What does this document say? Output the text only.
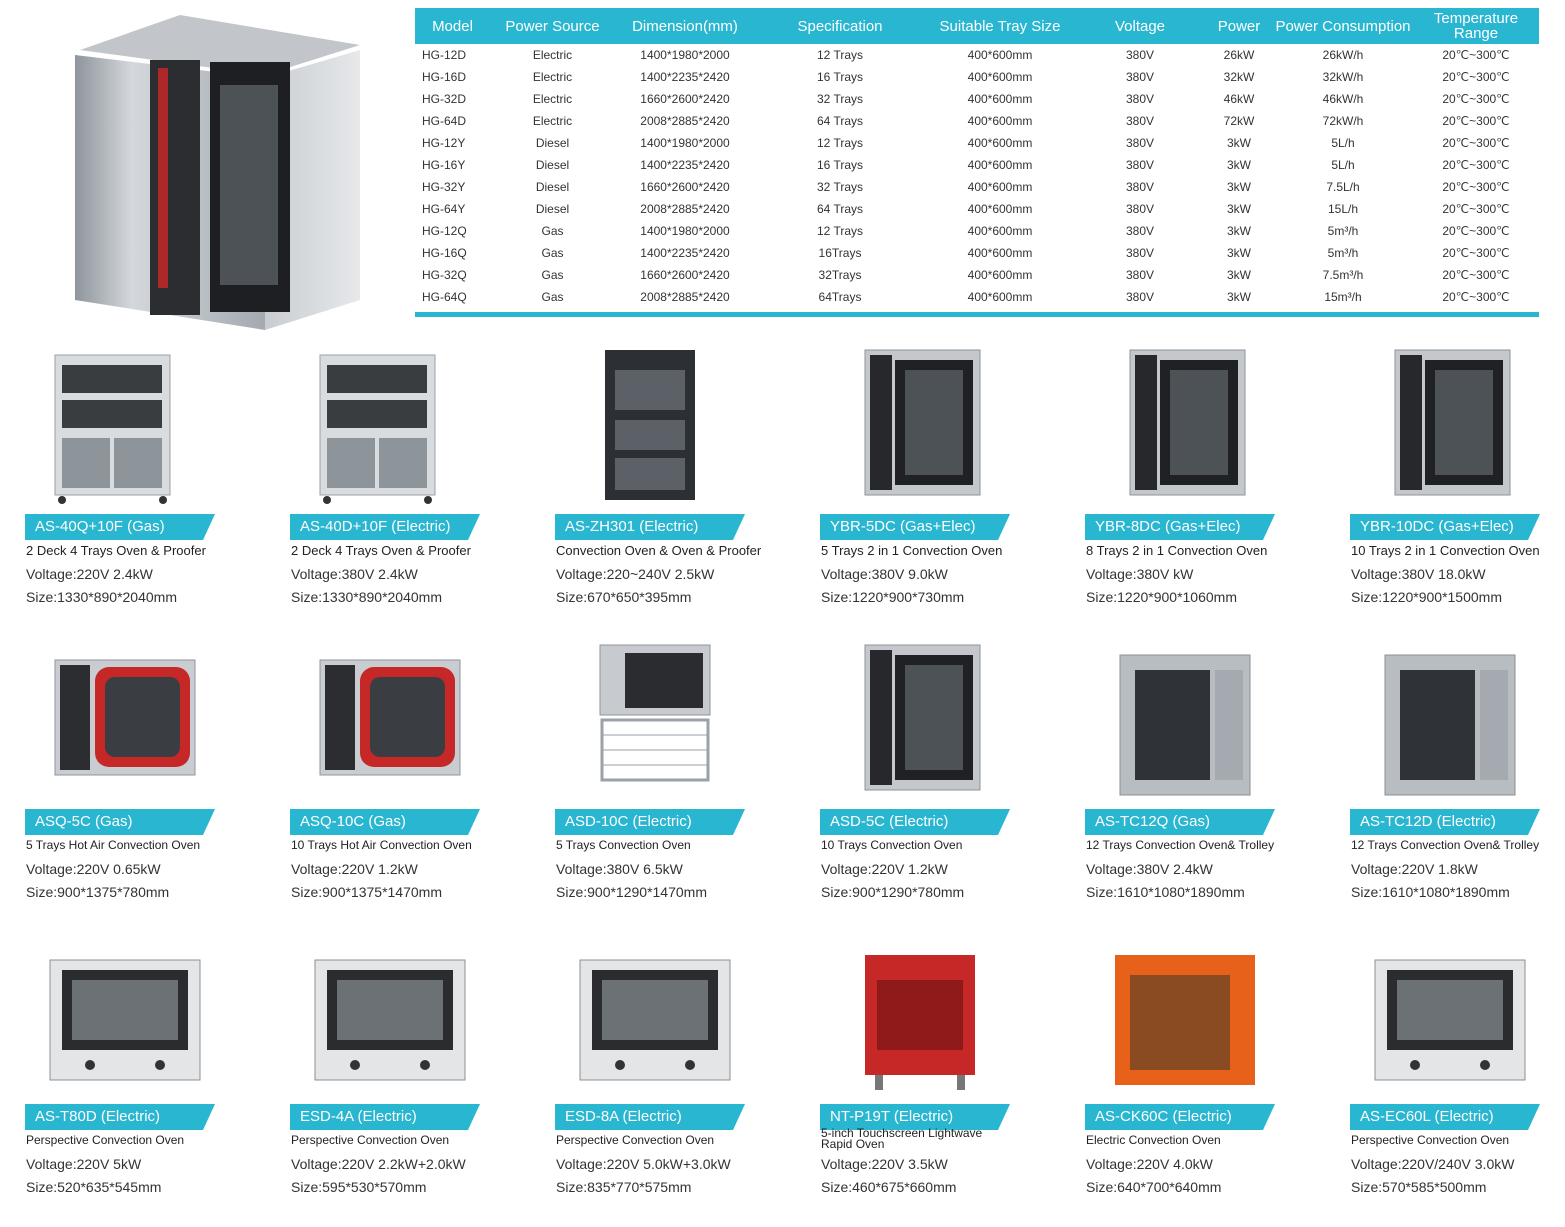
Model	Power Source	Dimension(mm)	Specification	Suitable Tray Size	Voltage	Power	Power Consumption	Temperature Range
HG-12D	Electric	1400*1980*2000	12 Trays	400*600mm	380V	26kW	26kW/h	20℃~300℃
HG-16D	Electric	1400*2235*2420	16 Trays	400*600mm	380V	32kW	32kW/h	20℃~300℃
HG-32D	Electric	1660*2600*2420	32 Trays	400*600mm	380V	46kW	46kW/h	20℃~300℃
HG-64D	Electric	2008*2885*2420	64 Trays	400*600mm	380V	72kW	72kW/h	20℃~300℃
HG-12Y	Diesel	1400*1980*2000	12 Trays	400*600mm	380V	3kW	5L/h	20℃~300℃
HG-16Y	Diesel	1400*2235*2420	16 Trays	400*600mm	380V	3kW	5L/h	20℃~300℃
HG-32Y	Diesel	1660*2600*2420	32 Trays	400*600mm	380V	3kW	7.5L/h	20℃~300℃
HG-64Y	Diesel	2008*2885*2420	64 Trays	400*600mm	380V	3kW	15L/h	20℃~300℃
HG-12Q	Gas	1400*1980*2000	12 Trays	400*600mm	380V	3kW	5m³/h	20℃~300℃
HG-16Q	Gas	1400*2235*2420	16Trays	400*600mm	380V	3kW	5m³/h	20℃~300℃
HG-32Q	Gas	1660*2600*2420	32Trays	400*600mm	380V	3kW	7.5m³/h	20℃~300℃
HG-64Q	Gas	2008*2885*2420	64Trays	400*600mm	380V	3kW	15m³/h	20℃~300℃
AS-40Q+10F (Gas)
2 Deck 4 Trays Oven & Proofer
Voltage:220V 2.4kW
Size:1330*890*2040mm
AS-40D+10F (Electric)
2 Deck 4 Trays Oven & Proofer
Voltage:380V 2.4kW
Size:1330*890*2040mm
AS-ZH301 (Electric)
Convection Oven & Oven & Proofer
Voltage:220~240V 2.5kW
Size:670*650*395mm
YBR-5DC (Gas+Elec)
5 Trays 2 in 1 Convection Oven
Voltage:380V 9.0kW
Size:1220*900*730mm
YBR-8DC (Gas+Elec)
8 Trays 2 in 1 Convection Oven
Voltage:380V kW
Size:1220*900*1060mm
YBR-10DC (Gas+Elec)
10 Trays 2 in 1 Convection Oven
Voltage:380V 18.0kW
Size:1220*900*1500mm
ASQ-5C (Gas)
5 Trays Hot Air Convection Oven
Voltage:220V 0.65kW
Size:900*1375*780mm
ASQ-10C (Gas)
10 Trays Hot Air Convection Oven
Voltage:220V 1.2kW
Size:900*1375*1470mm
ASD-10C (Electric)
5 Trays Convection Oven
Voltage:380V 6.5kW
Size:900*1290*1470mm
ASD-5C (Electric)
10 Trays Convection Oven
Voltage:220V 1.2kW
Size:900*1290*780mm
AS-TC12Q (Gas)
12 Trays Convection Oven& Trolley
Voltage:380V 2.4kW
Size:1610*1080*1890mm
AS-TC12D (Electric)
12 Trays Convection Oven& Trolley
Voltage:220V 1.8kW
Size:1610*1080*1890mm
AS-T80D (Electric)
Perspective Convection Oven
Voltage:220V 5kW
Size:520*635*545mm
ESD-4A (Electric)
Perspective Convection Oven
Voltage:220V 2.2kW+2.0kW
Size:595*530*570mm
ESD-8A (Electric)
Perspective Convection Oven
Voltage:220V 5.0kW+3.0kW
Size:835*770*575mm
NT-P19T (Electric)
5-inch Touchscreen Lightwave Rapid Oven
Voltage:220V 3.5kW
Size:460*675*660mm
AS-CK60C (Electric)
Electric Convection Oven
Voltage:220V 4.0kW
Size:640*700*640mm
AS-EC60L (Electric)
Perspective Convection Oven
Voltage:220V/240V 3.0kW
Size:570*585*500mm
